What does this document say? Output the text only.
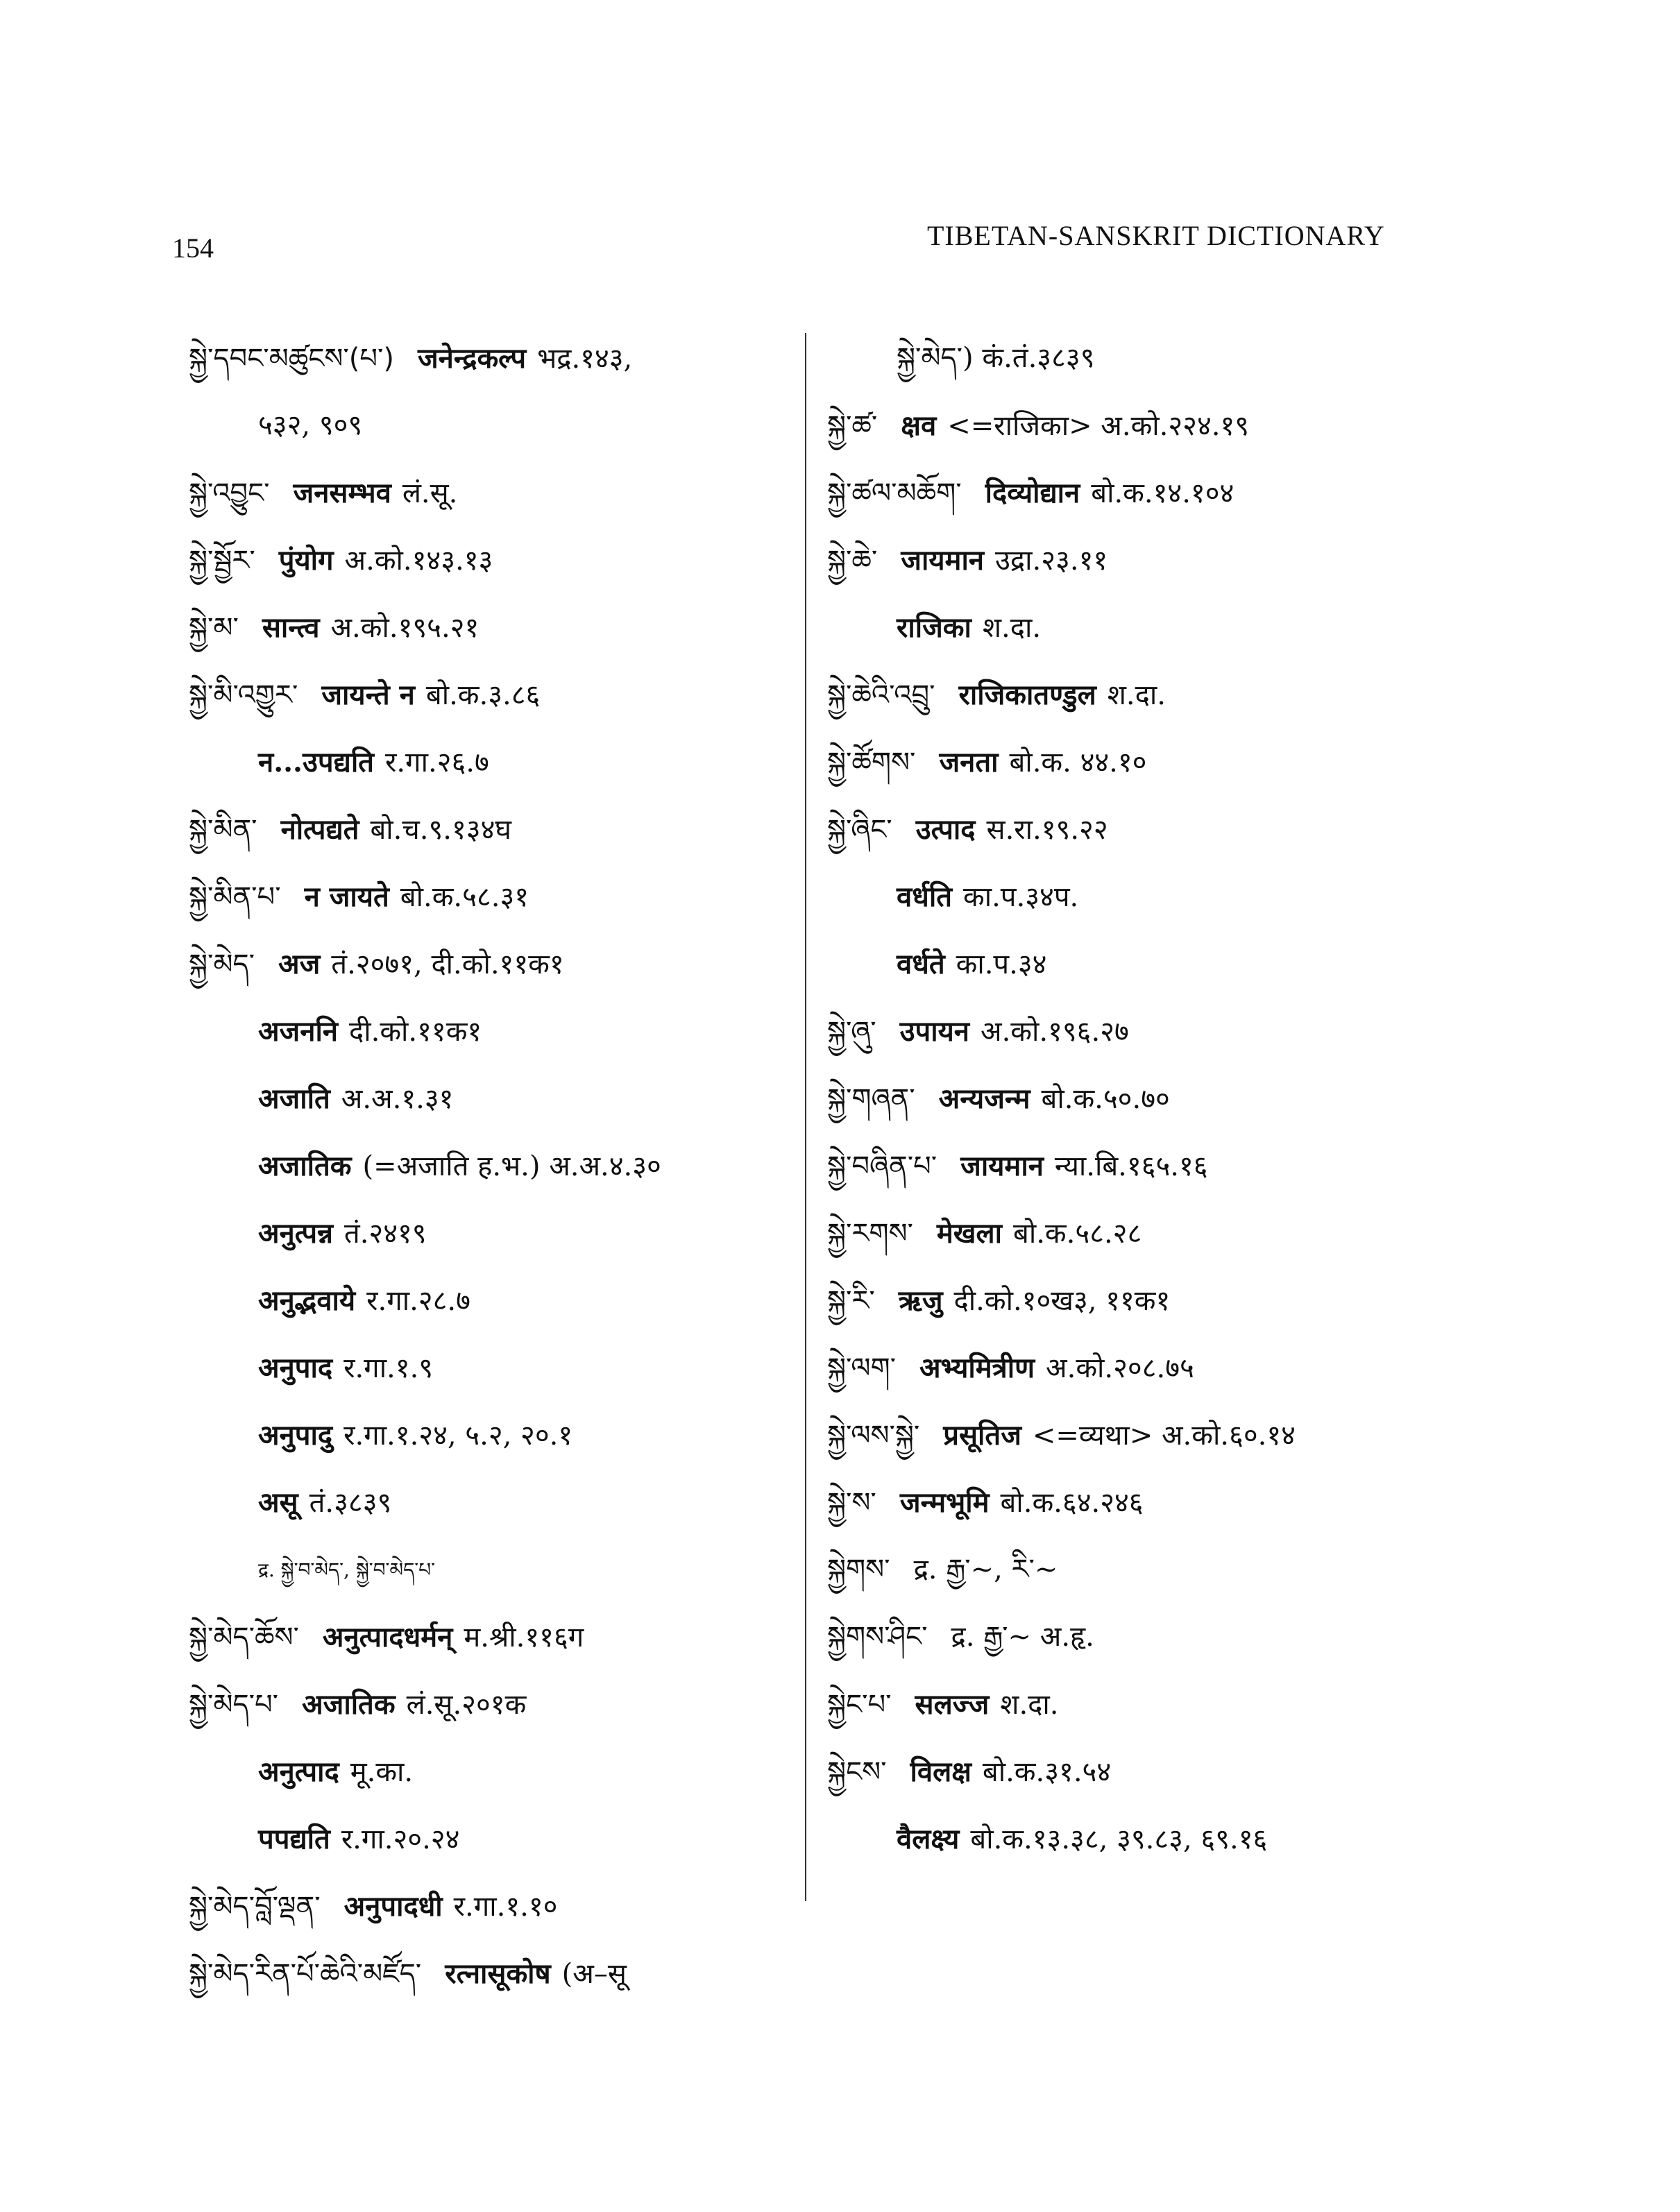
154	TIBETAN-SANSKRIT DICTIONARY
སྐྱེ་དབང་མཚུངས་(པ་) जनेन्द्रकल्प भद्र.१४३,
५३२, ९०९
སྐྱེ་འབྱུང་ जनसम्भव लं.सू.
སྐྱེ་སྦྱོར་ पुंयोग अ.को.१४३.१३
སྐྱེ་མ་ सान्त्व अ.को.१९५.२१
སྐྱེ་མི་འགྱུར་ जायन्ते न बो.क.३.८६
न...उपद्यति र.गा.२६.७
སྐྱེ་མིན་ नोत्पद्यते बो.च.९.१३४घ
སྐྱེ་མིན་པ་ न जायते बो.क.५८.३१
སྐྱེ་མེད་ अज तं.२०७१, दी.को.११क१
अजननि दी.को.११क१
अजाति अ.अ.१.३१
अजातिक (=अजाति ह.भ.) अ.अ.४.३०
अनुत्पन्न तं.२४१९
अनुद्भवाये र.गा.२८.७
अनुपाद र.गा.१.९
अनुपादु र.गा.१.२४, ५.२, २०.१
असू तं.३८३९
द्र. སྐྱེ་བ་མེད་, སྐྱེ་བ་མེད་པ་
སྐྱེ་མེད་ཆོས་ अनुत्पादधर्मन् म.श्री.११६ग
སྐྱེ་མེད་པ་ अजातिक लं.सू.२०१क
अनुत्पाद मू.का.
पपद्यति र.गा.२०.२४
སྐྱེ་མེད་བློ་ལྡན་ अनुपादधी र.गा.१.१०
སྐྱེ་མེད་རིན་པོ་ཆེའི་མཛོད་ रत्नासूकोष (अ–सू
སྐྱེ་མེད་) कं.तं.३८३९
སྐྱེ་ཚ་ क्षव <=राजिका> अ.को.२२४.१९
སྐྱེ་ཚལ་མཆོག་ दिव्योद्यान बो.क.१४.१०४
སྐྱེ་ཆེ་ जायमान उद्रा.२३.११
राजिका श.दा.
སྐྱེ་ཆེའི་འབྲུ་ राजिकातण्डुल श.दा.
སྐྱེ་ཚོགས་ जनता बो.क. ४४.१०
སྐྱེ་ཞིང་ उत्पाद स.रा.१९.२२
वर्धति का.प.३४प.
वर्धते का.प.३४
སྐྱེ་ཞུ་ उपायन अ.को.१९६.२७
སྐྱེ་གཞན་ अन्यजन्म बो.क.५०.७०
སྐྱེ་བཞིན་པ་ जायमान न्या.बि.१६५.१६
སྐྱེ་རགས་ मेखला बो.क.५८.२८
སྐྱེ་རི་ ऋजु दी.को.१०ख३, ११क१
སྐྱེ་ལག་ अभ्यमित्रीण अ.को.२०८.७५
སྐྱེ་ལས་སྐྱེ་ प्रसूतिज <=व्यथा> अ.को.६०.१४
སྐྱེ་ས་ जन्मभूमि बो.क.६४.२४६
སྐྱེགས་ द्र. རྒྱ་~, རི་~
སྐྱེགས་ཤིང་ द्र. རྒྱ་~ अ.हृ.
སྐྱེང་པ་ सलज्ज श.दा.
སྐྱེངས་ विलक्ष बो.क.३१.५४
वैलक्ष्य बो.क.१३.३८, ३९.८३, ६९.१६
